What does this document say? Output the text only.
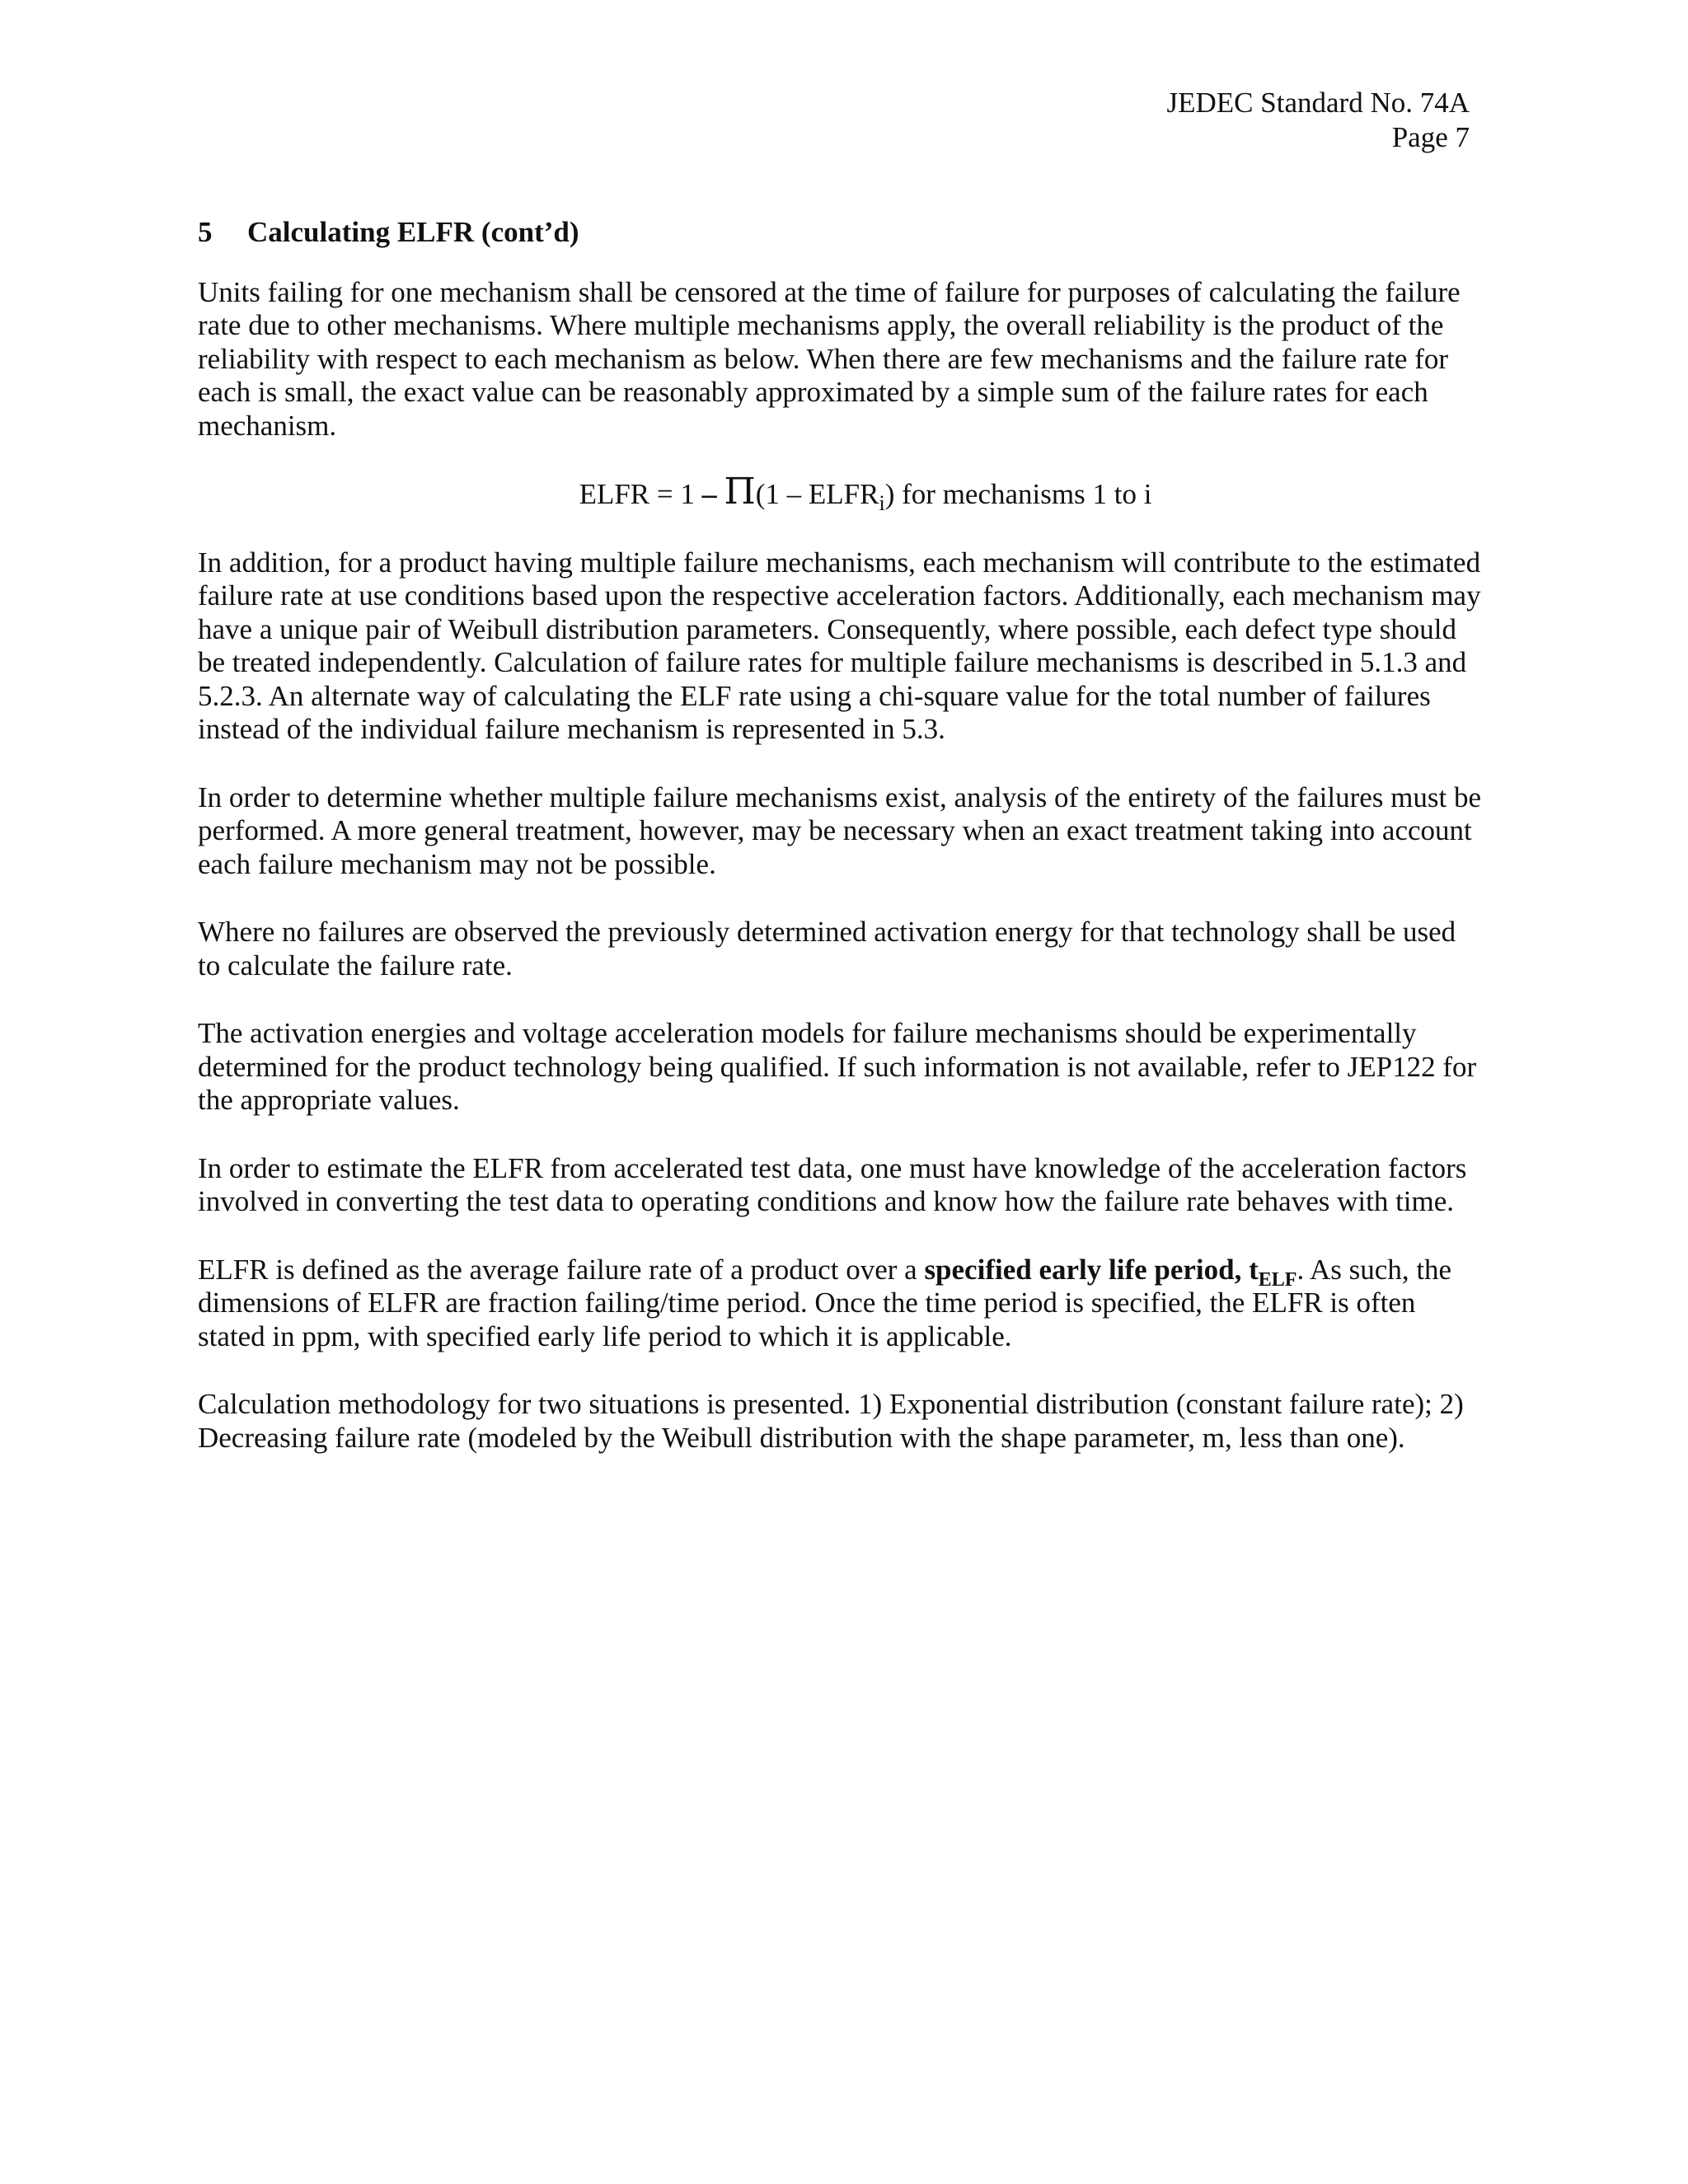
JEDEC Standard No. 74A
Page 7
5	Calculating ELFR (cont’d)

Units failing for one mechanism shall be censored at the time of failure for purposes of calculating the failure rate due to other mechanisms. Where multiple mechanisms apply, the overall reliability is the product of the reliability with respect to each mechanism as below. When there are few mechanisms and the failure rate for each is small, the exact value can be reasonably approximated by a simple sum of the failure rates for each mechanism.

ELFR = $1 - \Pi(1 - ELFR_i)$ for mechanisms 1 to i

In addition, for a product having multiple failure mechanisms, each mechanism will contribute to the estimated failure rate at use conditions based upon the respective acceleration factors. Additionally, each mechanism may have a unique pair of Weibull distribution parameters. Consequently, where possible, each defect type should be treated independently. Calculation of failure rates for multiple failure mechanisms is described in 5.1.3 and 5.2.3. An alternate way of calculating the ELF rate using a chi-square value for the total number of failures instead of the individual failure mechanism is represented in 5.3.

In order to determine whether multiple failure mechanisms exist, analysis of the entirety of the failures must be performed. A more general treatment, however, may be necessary when an exact treatment taking into account each failure mechanism may not be possible.

Where no failures are observed the previously determined activation energy for that technology shall be used to calculate the failure rate.

The activation energies and voltage acceleration models for failure mechanisms should be experimentally determined for the product technology being qualified. If such information is not available, refer to JEP122 for the appropriate values.

In order to estimate the ELFR from accelerated test data, one must have knowledge of the acceleration factors involved in converting the test data to operating conditions and know how the failure rate behaves with time.

ELFR is defined as the average failure rate of a product over a specified early life period, $t_{ELF}$. As such, the dimensions of ELFR are fraction failing/time period. Once the time period is specified, the ELFR is often stated in ppm, with specified early life period to which it is applicable.

Calculation methodology for two situations is presented. 1) Exponential distribution (constant failure rate); 2) Decreasing failure rate (modeled by the Weibull distribution with the shape parameter, m, less than one).
